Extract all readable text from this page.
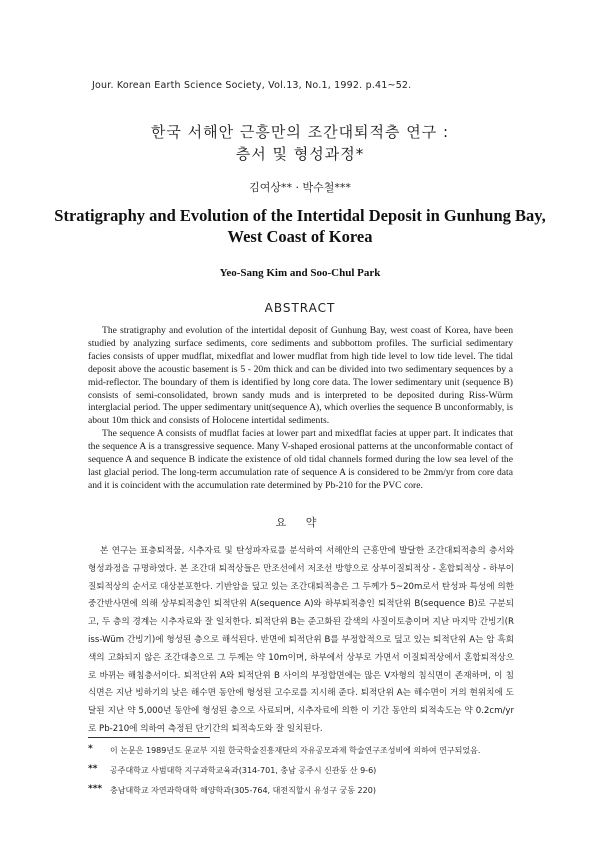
Jour. Korean Earth Science Society, Vol.13, No.1, 1992. p.41~52.
한국 서해안 근흥만의 조간대퇴적층 연구 :
층서 및 형성과정*
김여상** · 박수철***
Stratigraphy and Evolution of the Intertidal Deposit in Gunhung Bay,
West Coast of Korea
Yeo-Sang Kim and Soo-Chul Park
ABSTRACT

The stratigraphy and evolution of the intertidal deposit of Gunhung Bay, west coast of Korea, have been studied by analyzing surface sediments, core sediments and subbottom profiles. The surficial sedimentary facies consists of upper mudflat, mixedflat and lower mudflat from high tide level to low tide level. The tidal deposit above the acoustic basement is 5 - 20m thick and can be divided into two sedimentary sequences by a mid-reflector. The boundary of them is identified by long core data. The lower sedimentary unit (sequence B) consists of semi-consolidated, brown sandy muds and is interpreted to be deposited during Riss-Würm interglacial period. The upper sedimentary unit(sequence A), which overlies the sequence B unconformably, is about 10m thick and consists of Holocene intertidal sediments.

The sequence A consists of mudflat facies at lower part and mixedflat facies at upper part. It indicates that the sequence A is a transgressive sequence. Many V-shaped erosional patterns at the unconformable contact of sequence A and sequence B indicate the existence of old tidal channels formed during the low sea level of the last glacial period. The long-term accumulation rate of sequence A is considered to be 2mm/yr from core data and it is coincident with the accumulation rate determined by Pb-210 for the PVC core.

요 약

본 연구는 표층퇴적물, 시추자료 및 탄성파자료를 분석하여 서해안의 근흥만에 발달한 조간대퇴적층의 층서와 형성과정을 규명하였다. 본 조간대 퇴적상들은 만조선에서 저조선 방향으로 상부이질퇴적상 - 혼합퇴적상 - 하부이질퇴적상의 순서로 대상분포한다. 기반암을 덮고 있는 조간대퇴적층은 그 두께가 5~20m로서 탄성파 특성에 의한 중간반사면에 의해 상부퇴적층인 퇴적단위 A(sequence A)와 하부퇴적층인 퇴적단위 B(sequence B)로 구분되고, 두 층의 경계는 시추자료와 잘 일치한다. 퇴적단위 B는 준고화된 갈색의 사질이토층이며 지난 마지막 간빙기(Riss-Wüm 간빙기)에 형성된 층으로 해석된다. 반면에 퇴적단위 B를 부정합적으로 덮고 있는 퇴적단위 A는 암 흑회색의 고화되지 않은 조간대층으로 그 두께는 약 10m이며, 하부에서 상부로 가면서 이질퇴적상에서 혼합퇴적상으로 바뀌는 해침층서이다. 퇴적단위 A와 퇴적단위 B 사이의 부정합면에는 많은 V자형의 침식면이 존재하며, 이 침식면은 지난 빙하기의 낮은 해수면 동안에 형성된 고수로를 지시해 준다. 퇴적단위 A는 해수면이 거의 현위치에 도달된 지난 약 5,000년 동안에 형성된 층으로 사료되며, 시추자료에 의한 이 기간 동안의 퇴적속도는 약 0.2cm/yr로 Pb-210에 의하여 측정된 단기간의 퇴적속도와 잘 일치된다.

* 이 논문은 1989년도 문교부 지원 한국학술진흥재단의 자유공모과제 학술연구조성비에 의하여 연구되었음.
** 공주대학교 사범대학 지구과학교육과(314-701, 충남 공주시 신관동 산 9-6)
*** 충남대학교 자연과학대학 해양학과(305-764, 대전직할시 유성구 궁동 220)
